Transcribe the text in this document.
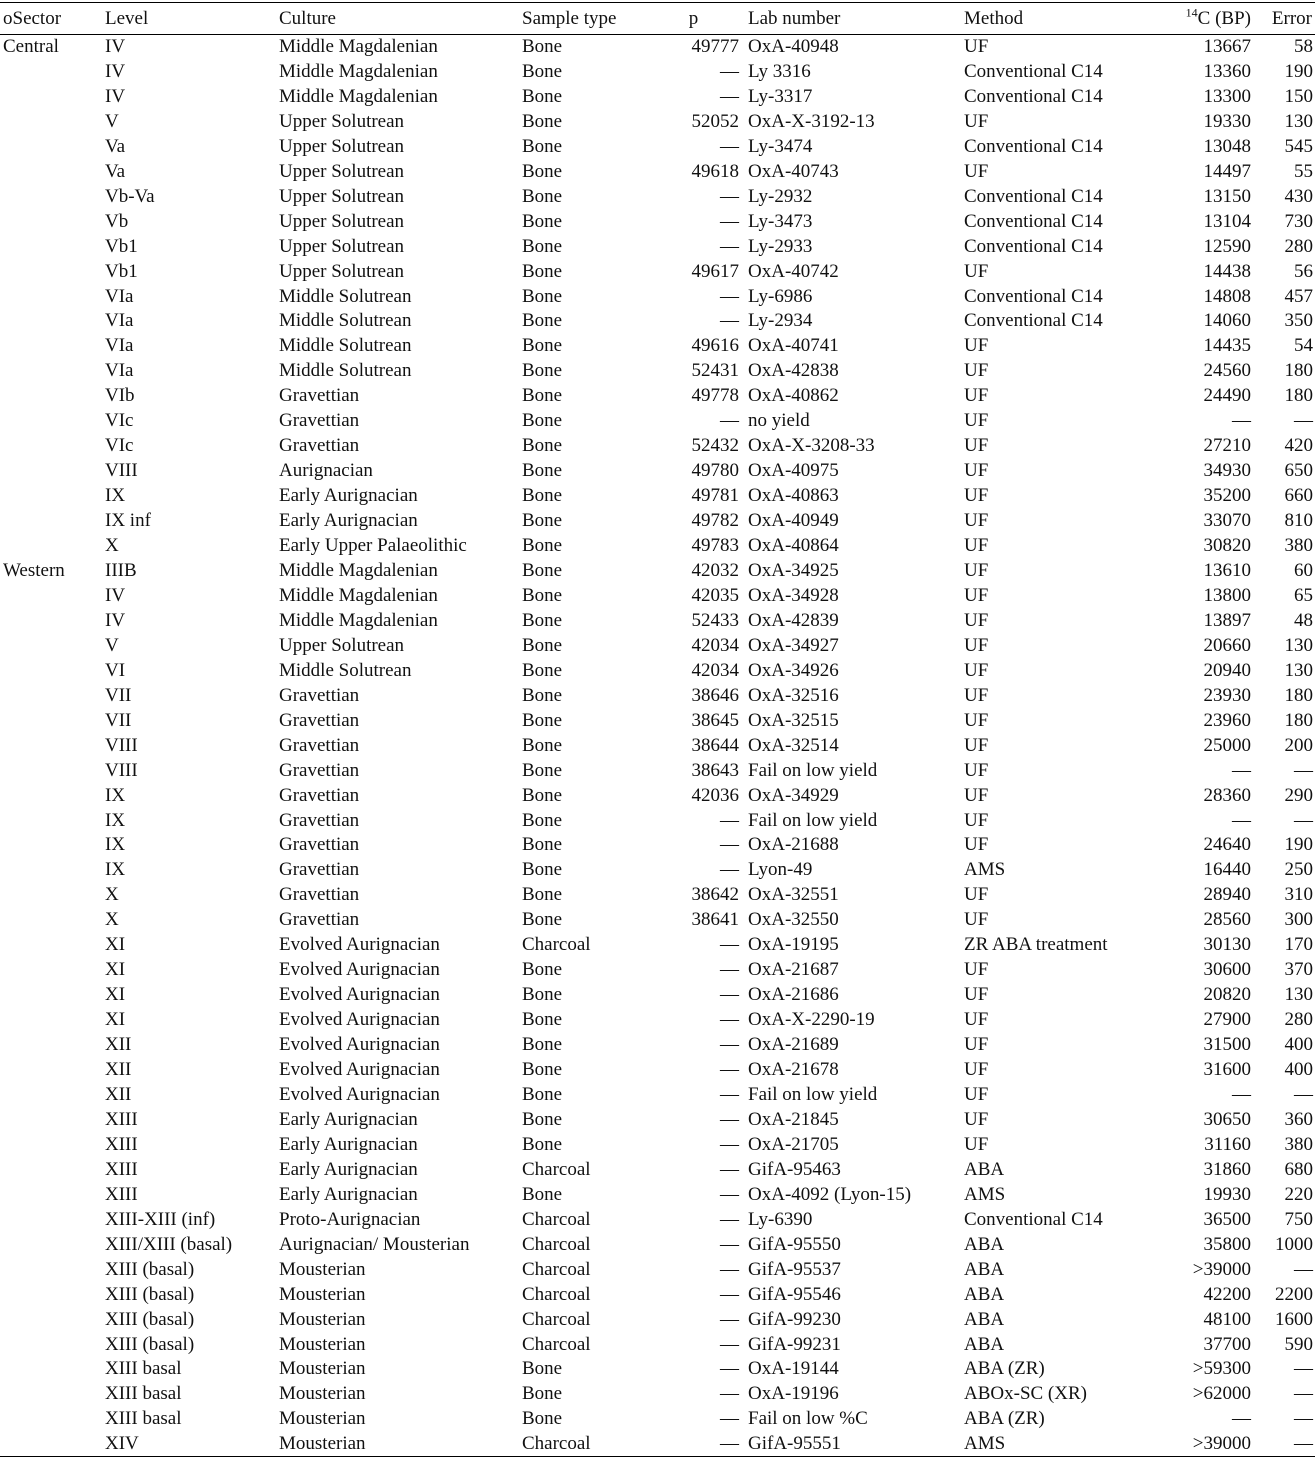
oSector	Level	Culture	Sample type	p	Lab number	Method	$^{14}$C (BP)	Error
Central	IV	Middle Magdalenian	Bone	49777	OxA-40948	UF	13667	58
	IV	Middle Magdalenian	Bone	—	Ly 3316	Conventional C14	13360	190
	IV	Middle Magdalenian	Bone	—	Ly-3317	Conventional C14	13300	150
	V	Upper Solutrean	Bone	52052	OxA-X-3192-13	UF	19330	130
	Va	Upper Solutrean	Bone	—	Ly-3474	Conventional C14	13048	545
	Va	Upper Solutrean	Bone	49618	OxA-40743	UF	14497	55
	Vb-Va	Upper Solutrean	Bone	—	Ly-2932	Conventional C14	13150	430
	Vb	Upper Solutrean	Bone	—	Ly-3473	Conventional C14	13104	730
	Vb1	Upper Solutrean	Bone	—	Ly-2933	Conventional C14	12590	280
	Vb1	Upper Solutrean	Bone	49617	OxA-40742	UF	14438	56
	VIa	Middle Solutrean	Bone	—	Ly-6986	Conventional C14	14808	457
	VIa	Middle Solutrean	Bone	—	Ly-2934	Conventional C14	14060	350
	VIa	Middle Solutrean	Bone	49616	OxA-40741	UF	14435	54
	VIa	Middle Solutrean	Bone	52431	OxA-42838	UF	24560	180
	VIb	Gravettian	Bone	49778	OxA-40862	UF	24490	180
	VIc	Gravettian	Bone	—	no yield	UF	—	—
	VIc	Gravettian	Bone	52432	OxA-X-3208-33	UF	27210	420
	VIII	Aurignacian	Bone	49780	OxA-40975	UF	34930	650
	IX	Early Aurignacian	Bone	49781	OxA-40863	UF	35200	660
	IX inf	Early Aurignacian	Bone	49782	OxA-40949	UF	33070	810
	X	Early Upper Palaeolithic	Bone	49783	OxA-40864	UF	30820	380
Western	IIIB	Middle Magdalenian	Bone	42032	OxA-34925	UF	13610	60
	IV	Middle Magdalenian	Bone	42035	OxA-34928	UF	13800	65
	IV	Middle Magdalenian	Bone	52433	OxA-42839	UF	13897	48
	V	Upper Solutrean	Bone	42034	OxA-34927	UF	20660	130
	VI	Middle Solutrean	Bone	42034	OxA-34926	UF	20940	130
	VII	Gravettian	Bone	38646	OxA-32516	UF	23930	180
	VII	Gravettian	Bone	38645	OxA-32515	UF	23960	180
	VIII	Gravettian	Bone	38644	OxA-32514	UF	25000	200
	VIII	Gravettian	Bone	38643	Fail on low yield	UF	—	—
	IX	Gravettian	Bone	42036	OxA-34929	UF	28360	290
	IX	Gravettian	Bone	—	Fail on low yield	UF	—	—
	IX	Gravettian	Bone	—	OxA-21688	UF	24640	190
	IX	Gravettian	Bone	—	Lyon-49	AMS	16440	250
	X	Gravettian	Bone	38642	OxA-32551	UF	28940	310
	X	Gravettian	Bone	38641	OxA-32550	UF	28560	300
	XI	Evolved Aurignacian	Charcoal	—	OxA-19195	ZR ABA treatment	30130	170
	XI	Evolved Aurignacian	Bone	—	OxA-21687	UF	30600	370
	XI	Evolved Aurignacian	Bone	—	OxA-21686	UF	20820	130
	XI	Evolved Aurignacian	Bone	—	OxA-X-2290-19	UF	27900	280
	XII	Evolved Aurignacian	Bone	—	OxA-21689	UF	31500	400
	XII	Evolved Aurignacian	Bone	—	OxA-21678	UF	31600	400
	XII	Evolved Aurignacian	Bone	—	Fail on low yield	UF	—	—
	XIII	Early Aurignacian	Bone	—	OxA-21845	UF	30650	360
	XIII	Early Aurignacian	Bone	—	OxA-21705	UF	31160	380
	XIII	Early Aurignacian	Charcoal	—	GifA-95463	ABA	31860	680
	XIII	Early Aurignacian	Bone	—	OxA-4092 (Lyon-15)	AMS	19930	220
	XIII-XIII (inf)	Proto-Aurignacian	Charcoal	—	Ly-6390	Conventional C14	36500	750
	XIII/XIII (basal)	Aurignacian/ Mousterian	Charcoal	—	GifA-95550	ABA	35800	1000
	XIII (basal)	Mousterian	Charcoal	—	GifA-95537	ABA	>39000	—
	XIII (basal)	Mousterian	Charcoal	—	GifA-95546	ABA	42200	2200
	XIII (basal)	Mousterian	Charcoal	—	GifA-99230	ABA	48100	1600
	XIII (basal)	Mousterian	Charcoal	—	GifA-99231	ABA	37700	590
	XIII basal	Mousterian	Bone	—	OxA-19144	ABA (ZR)	>59300	—
	XIII basal	Mousterian	Bone	—	OxA-19196	ABOx-SC (XR)	>62000	—
	XIII basal	Mousterian	Bone	—	Fail on low %C	ABA (ZR)	—	—
	XIV	Mousterian	Charcoal	—	GifA-95551	AMS	>39000	—
